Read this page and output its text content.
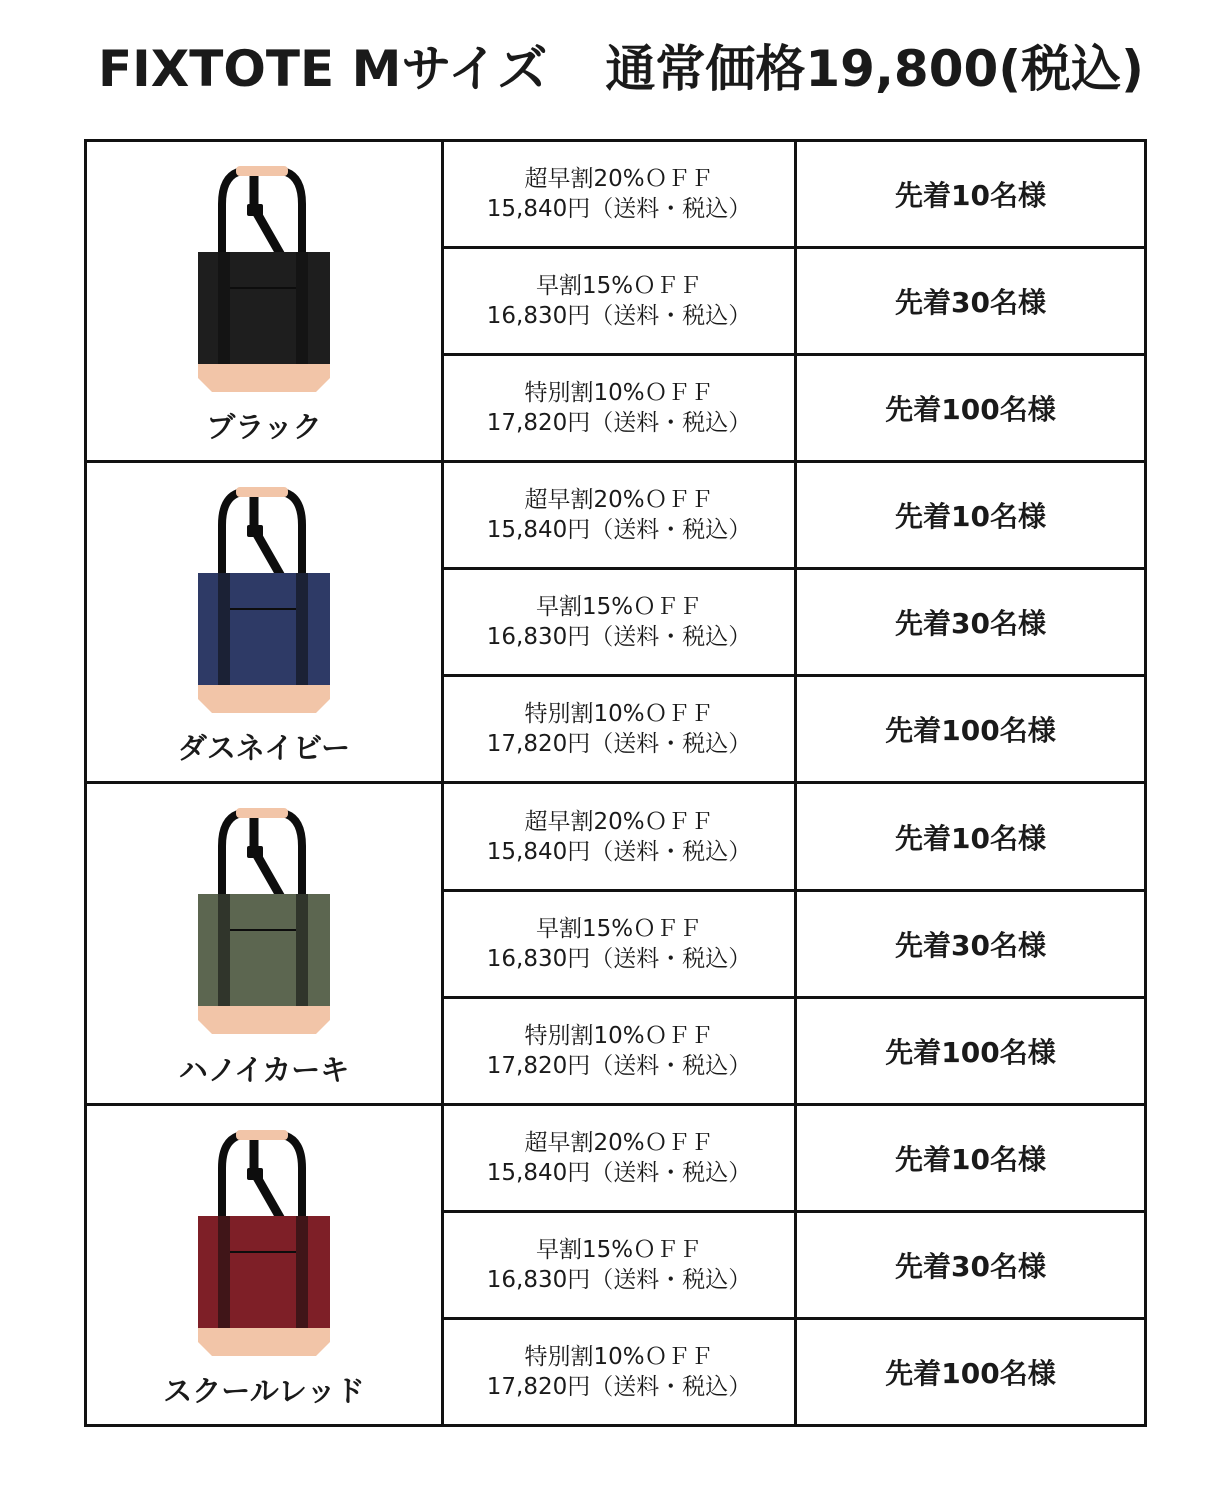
FIXTOTE Mサイズ 通常価格19,800(税込)
ブラック	超早割20%ＯＦＦ
15,840円（送料・税込）	先着10名様

	早割15%ＯＦＦ
16,830円（送料・税込）	先着30名様

	特別割10%ＯＦＦ
17,820円（送料・税込）	先着100名様

ダスネイビー	超早割20%ＯＦＦ
15,840円（送料・税込）	先着10名様

	早割15%ＯＦＦ
16,830円（送料・税込）	先着30名様

	特別割10%ＯＦＦ
17,820円（送料・税込）	先着100名様

ハノイカーキ	超早割20%ＯＦＦ
15,840円（送料・税込）	先着10名様

	早割15%ＯＦＦ
16,830円（送料・税込）	先着30名様

	特別割10%ＯＦＦ
17,820円（送料・税込）	先着100名様

スクールレッド	超早割20%ＯＦＦ
15,840円（送料・税込）	先着10名様

	早割15%ＯＦＦ
16,830円（送料・税込）	先着30名様

	特別割10%ＯＦＦ
17,820円（送料・税込）	先着100名様
